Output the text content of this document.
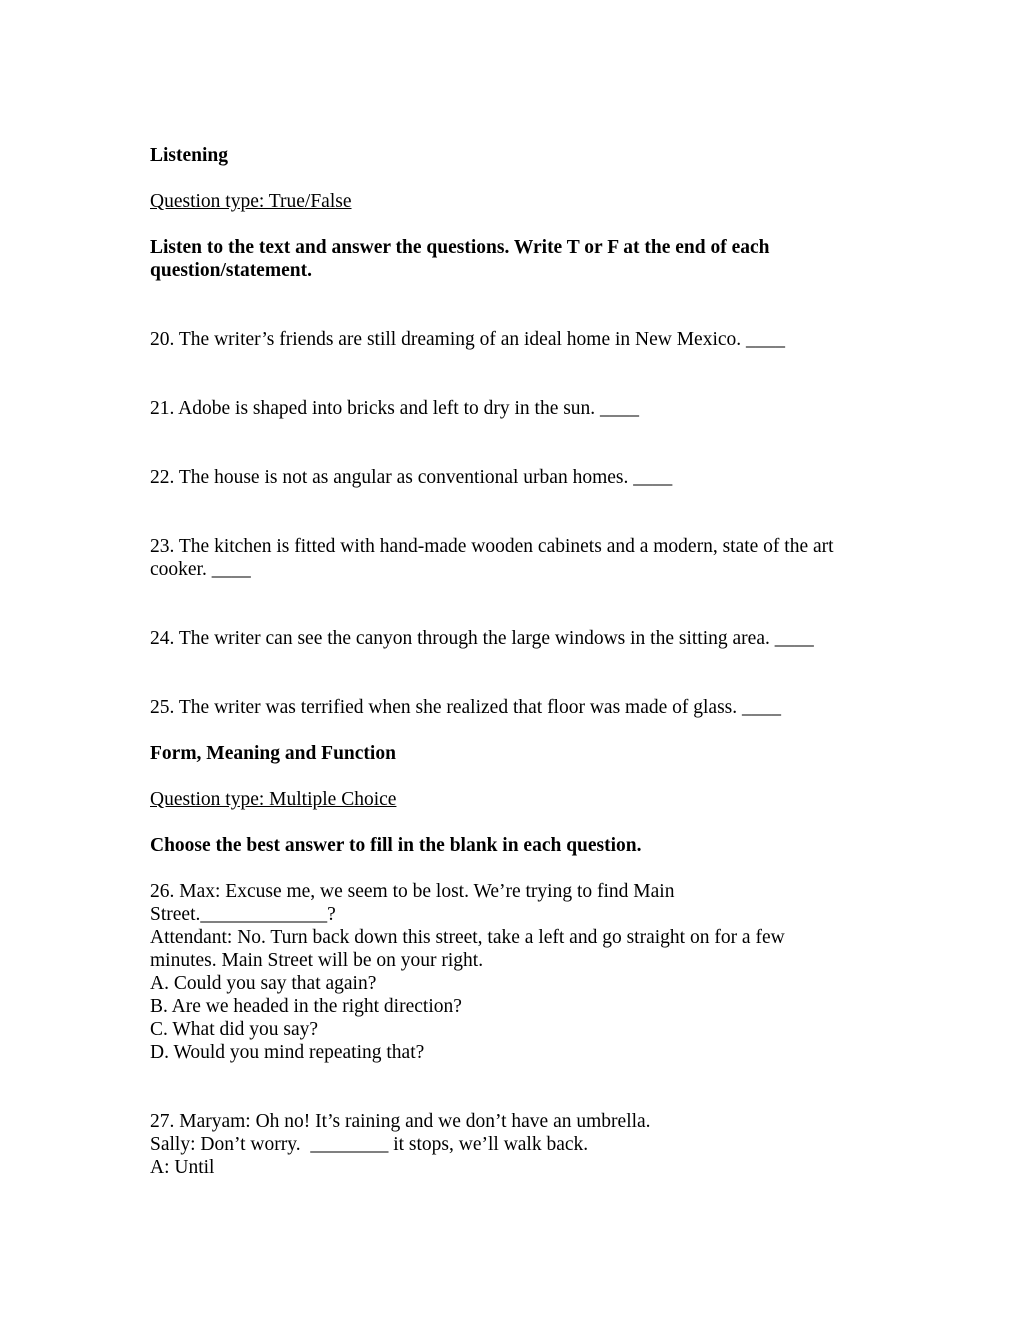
Listening
Question type: True/False
Listen to the text and answer the questions. Write T or F at the end of each
question/statement.
20. The writer’s friends are still dreaming of an ideal home in New Mexico. ____
21. Adobe is shaped into bricks and left to dry in the sun. ____
22. The house is not as angular as conventional urban homes. ____
23. The kitchen is fitted with hand-made wooden cabinets and a modern, state of the art
cooker. ____
24. The writer can see the canyon through the large windows in the sitting area. ____
25. The writer was terrified when she realized that floor was made of glass. ____
Form, Meaning and Function
Question type: Multiple Choice
Choose the best answer to fill in the blank in each question.
26. Max: Excuse me, we seem to be lost. We’re trying to find Main
Street._____________?
Attendant: No. Turn back down this street, take a left and go straight on for a few
minutes. Main Street will be on your right.
A. Could you say that again?
B. Are we headed in the right direction?
C. What did you say?
D. Would you mind repeating that?
27. Maryam: Oh no! It’s raining and we don’t have an umbrella.
Sally: Don’t worry.  ________ it stops, we’ll walk back.
A: Until
